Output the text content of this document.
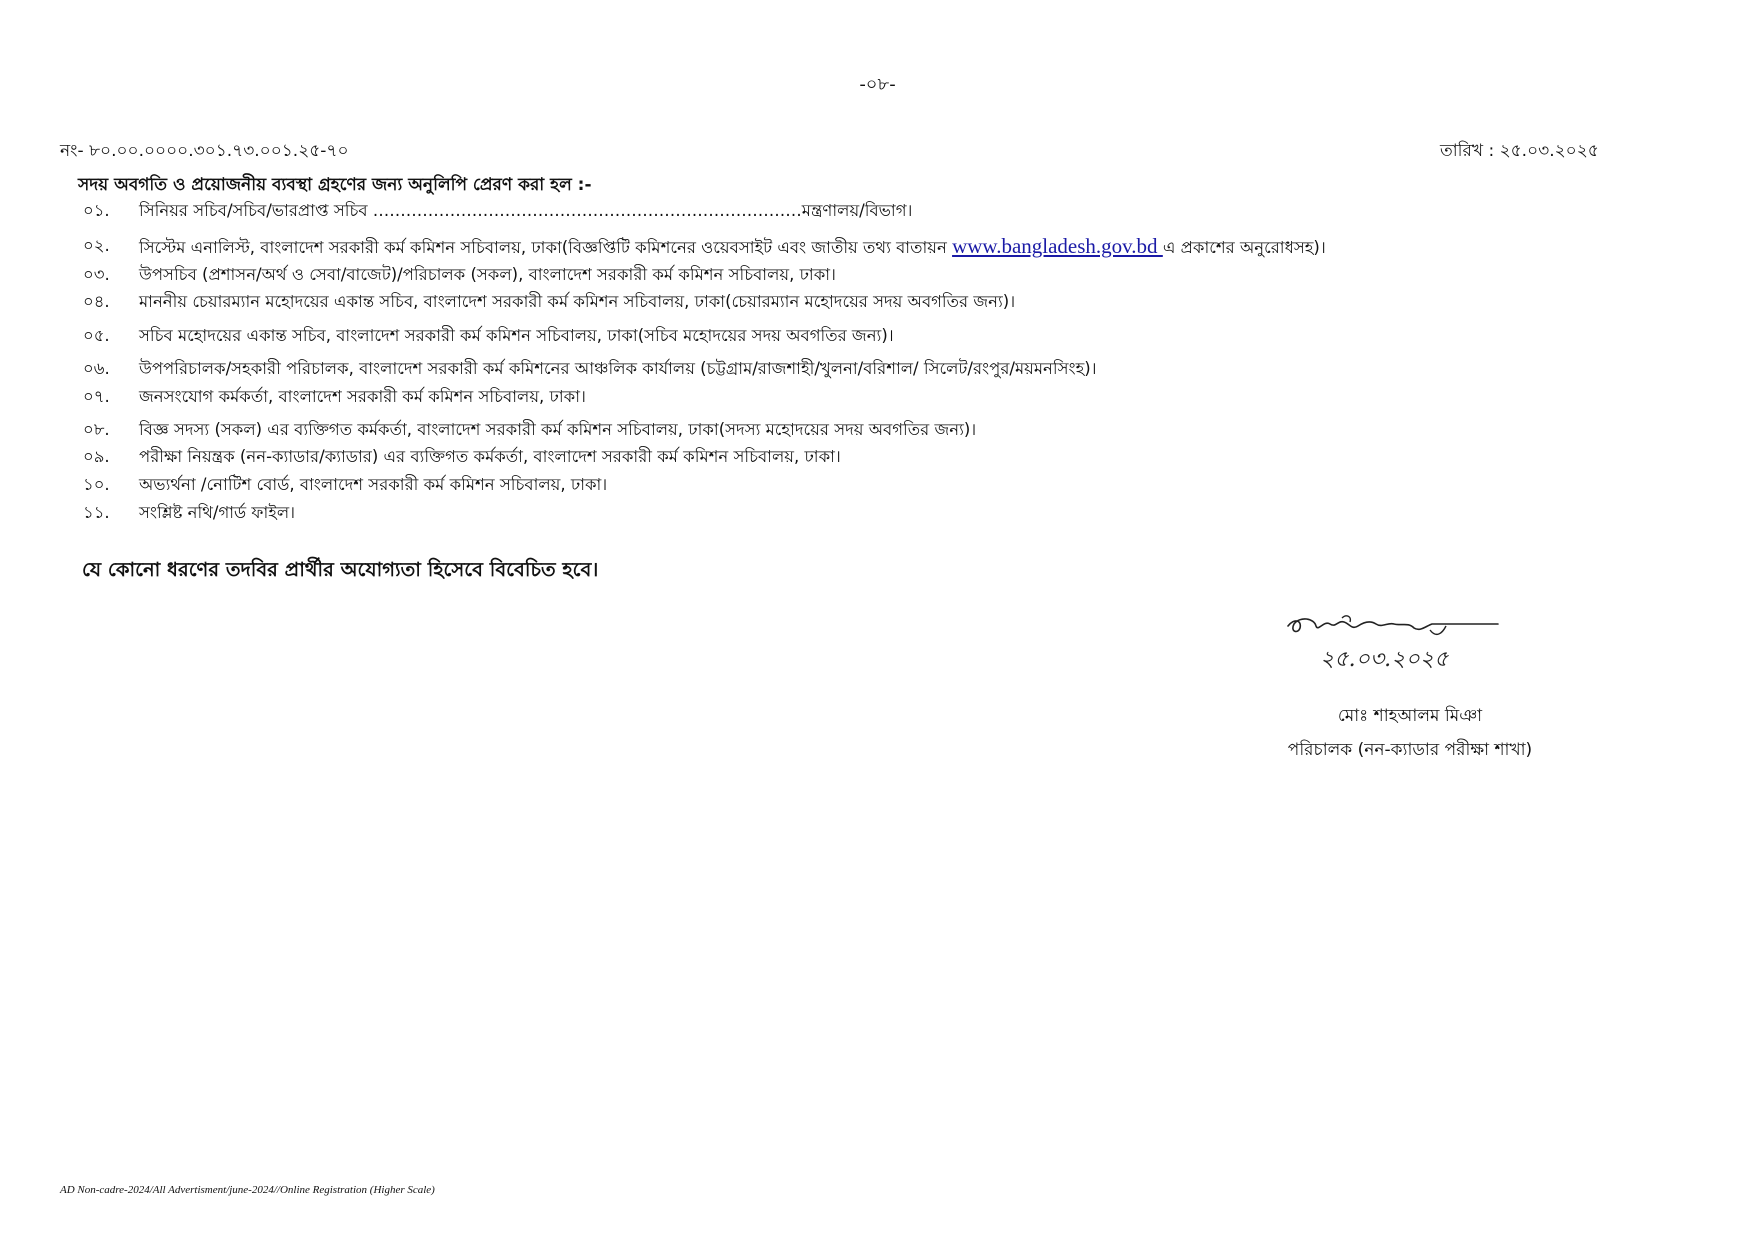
-০৮-
নং- ৮০.০০.০০০০.৩০১.৭৩.০০১.২৫-৭০	তারিখ : ২৫.০৩.২০২৫
সদয় অবগতি ও প্রয়োজনীয় ব্যবস্থা গ্রহণের জন্য অনুলিপি প্রেরণ করা হল :-
০১.	সিনিয়র সচিব/সচিব/ভারপ্রাপ্ত সচিব ……………………………………………………………………মন্ত্রণালয়/বিভাগ।
০২.	সিস্টেম এনালিস্ট, বাংলাদেশ সরকারী কর্ম কমিশন সচিবালয়, ঢাকা(বিজ্ঞপ্তিটি কমিশনের ওয়েবসাইট এবং জাতীয় তথ্য বাতায়ন www.bangladesh.gov.bd এ প্রকাশের অনুরোধসহ)।
০৩.	উপসচিব (প্রশাসন/অর্থ ও সেবা/বাজেট)/পরিচালক (সকল), বাংলাদেশ সরকারী কর্ম কমিশন সচিবালয়, ঢাকা।
০৪.	মাননীয় চেয়ারম্যান মহোদয়ের একান্ত সচিব, বাংলাদেশ সরকারী কর্ম কমিশন সচিবালয়, ঢাকা(চেয়ারম্যান মহোদয়ের সদয় অবগতির জন্য)।
০৫.	সচিব মহোদয়ের একান্ত সচিব, বাংলাদেশ সরকারী কর্ম কমিশন সচিবালয়, ঢাকা(সচিব মহোদয়ের সদয় অবগতির জন্য)।
০৬.	উপপরিচালক/সহকারী পরিচালক, বাংলাদেশ সরকারী কর্ম কমিশনের আঞ্চলিক কার্যালয় (চট্টগ্রাম/রাজশাহী/খুলনা/বরিশাল/ সিলেট/রংপুর/ময়মনসিংহ)।
০৭.	জনসংযোগ কর্মকর্তা, বাংলাদেশ সরকারী কর্ম কমিশন সচিবালয়, ঢাকা।
০৮.	বিজ্ঞ সদস্য (সকল) এর ব্যক্তিগত কর্মকর্তা, বাংলাদেশ সরকারী কর্ম কমিশন সচিবালয়, ঢাকা(সদস্য মহোদয়ের সদয় অবগতির জন্য)।
০৯.	পরীক্ষা নিয়ন্ত্রক (নন-ক্যাডার/ক্যাডার) এর ব্যক্তিগত কর্মকর্তা, বাংলাদেশ সরকারী কর্ম কমিশন সচিবালয়, ঢাকা।
১০.	অভ্যর্থনা /নোটিশ বোর্ড, বাংলাদেশ সরকারী কর্ম কমিশন সচিবালয়, ঢাকা।
১১.	সংশ্লিষ্ট নথি/গার্ড ফাইল।
যে কোনো ধরণের তদবির প্রার্থীর অযোগ্যতা হিসেবে বিবেচিত হবে।
২৫.০৩.২০২৫
মোঃ শাহআলম মিঞা
পরিচালক (নন-ক্যাডার পরীক্ষা শাখা)
AD Non-cadre-2024/All Advertisment/june-2024//Online Registration (Higher Scale)
